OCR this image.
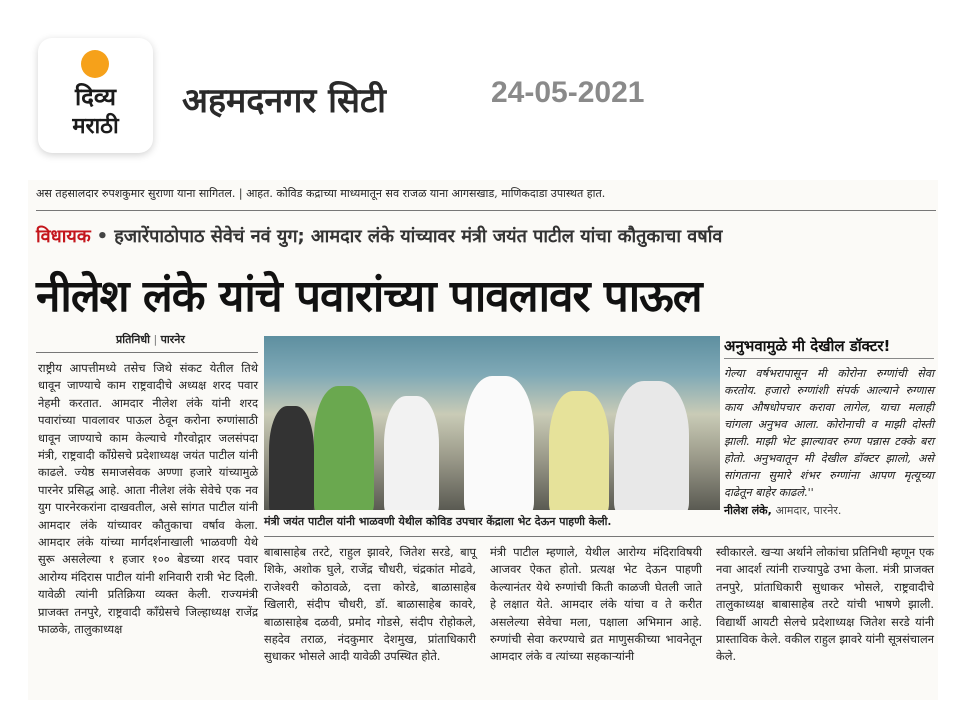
दिव्य
मराठी
अहमदनगर सिटी	24-05-2021
अस तहसालदार रुपशकुमार सुराणा याना सागितल. | आहत. कोविड कद्राच्या माध्यमातून सव राजळ याना आगसखाड, माणिकदाडा उपास्थत हात.
विधायक • हजारेंपाठोपाठ सेवेचं नवं युग; आमदार लंके यांच्यावर मंत्री जयंत पाटील यांचा कौतुकाचा वर्षाव
नीलेश लंके यांचे पवारांच्या पावलावर पाऊल
प्रतिनिधी | पारनेर
राष्ट्रीय आपत्तीमध्ये तसेच जिथे संकट येतील तिथे धावून जाण्याचे काम राष्ट्रवादीचे अध्यक्ष शरद पवार नेहमी करतात. आमदार नीलेश लंके यांनी शरद पवारांच्या पावलावर पाऊल ठेवून करोना रुग्णांसाठी धावून जाण्याचे काम केल्याचे गौरवोद्गार जलसंपदा मंत्री, राष्ट्रवादी काँग्रेसचे प्रदेशाध्यक्ष जयंत पाटील यांनी काढले. ज्येष्ठ समाजसेवक अण्णा हजारे यांच्यामुळे पारनेर प्रसिद्ध आहे. आता नीलेश लंके सेवेचे एक नव युग पारनेरकरांना दाखवतील, असे सांगत पाटील यांनी आमदार लंके यांच्यावर कौतुकाचा वर्षाव केला. आमदार लंके यांच्या मार्गदर्शनाखाली भाळवणी येथे सुरू असलेल्या १ हजार १०० बेडच्या शरद पवार आरोग्य मंदिरास पाटील यांनी शनिवारी रात्री भेट दिली. यावेळी त्यांनी प्रतिक्रिया व्यक्त केली. राज्यमंत्री प्राजक्त तनपुरे, राष्ट्रवादी काँग्रेसचे जिल्हाध्यक्ष राजेंद्र फाळके, तालुकाध्यक्ष
मंत्री जयंत पाटील यांनी भाळवणी येथील कोविड उपचार केंद्राला भेट देऊन पाहणी केली.
अनुभवामुळे मी देखील डॉक्टर!
गेल्या वर्षभरापासून मी कोरोना रुग्णांची सेवा करतोय. हजारो रुग्णांशी संपर्क आल्याने रुग्णास काय औषधोपचार करावा लागेल, याचा मलाही चांगला अनुभव आला. कोरोनाची व माझी दोस्ती झाली. माझी भेट झाल्यावर रुग्ण पन्नास टक्के बरा होतो. अनुभवातून मी देखील डॉक्टर झालो, असे सांगताना सुमारे शंभर रुग्णांना आपण मृत्यूच्या दाढेतून बाहेर काढले.''
नीलेश लंके, आमदार, पारनेर.
बाबासाहेब तरटे, राहुल झावरे, जितेश सरडे, बापू शिके, अशोक घुले, राजेंद्र चौधरी, चंद्रकांत मोढवे, राजेश्वरी कोठावळे, दत्ता कोरडे, बाळासाहेब खिलारी, संदीप चौधरी, डॉ. बाळासाहेब कावरे, बाळासाहेब दळवी, प्रमोद गोडसे, संदीप रोहोकले, सहदेव तराळ, नंदकुमार देशमुख, प्रांताधिकारी सुधाकर भोसले आदी यावेळी उपस्थित होते.
मंत्री पाटील म्हणाले, येथील आरोग्य मंदिराविषयी आजवर ऐकत होतो. प्रत्यक्ष भेट देऊन पाहणी केल्यानंतर येथे रुग्णांची किती काळजी घेतली जाते हे लक्षात येते. आमदार लंके यांचा व ते करीत असलेल्या सेवेचा मला, पक्षाला अभिमान आहे. रुग्णांची सेवा करण्याचे व्रत माणुसकीच्या भावनेतून आमदार लंके व त्यांच्या सहकाऱ्यांनी
स्वीकारले. खऱ्या अर्थाने लोकांचा प्रतिनिधी म्हणून एक नवा आदर्श त्यांनी राज्यापुढे उभा केला. मंत्री प्राजक्त तनपुरे, प्रांताधिकारी सुधाकर भोसले, राष्ट्रवादीचे तालुकाध्यक्ष बाबासाहेब तरटे यांची भाषणे झाली. विद्यार्थी आयटी सेलचे प्रदेशाध्यक्ष जितेश सरडे यांनी प्रास्ताविक केले. वकील राहुल झावरे यांनी सूत्रसंचालन केले.
